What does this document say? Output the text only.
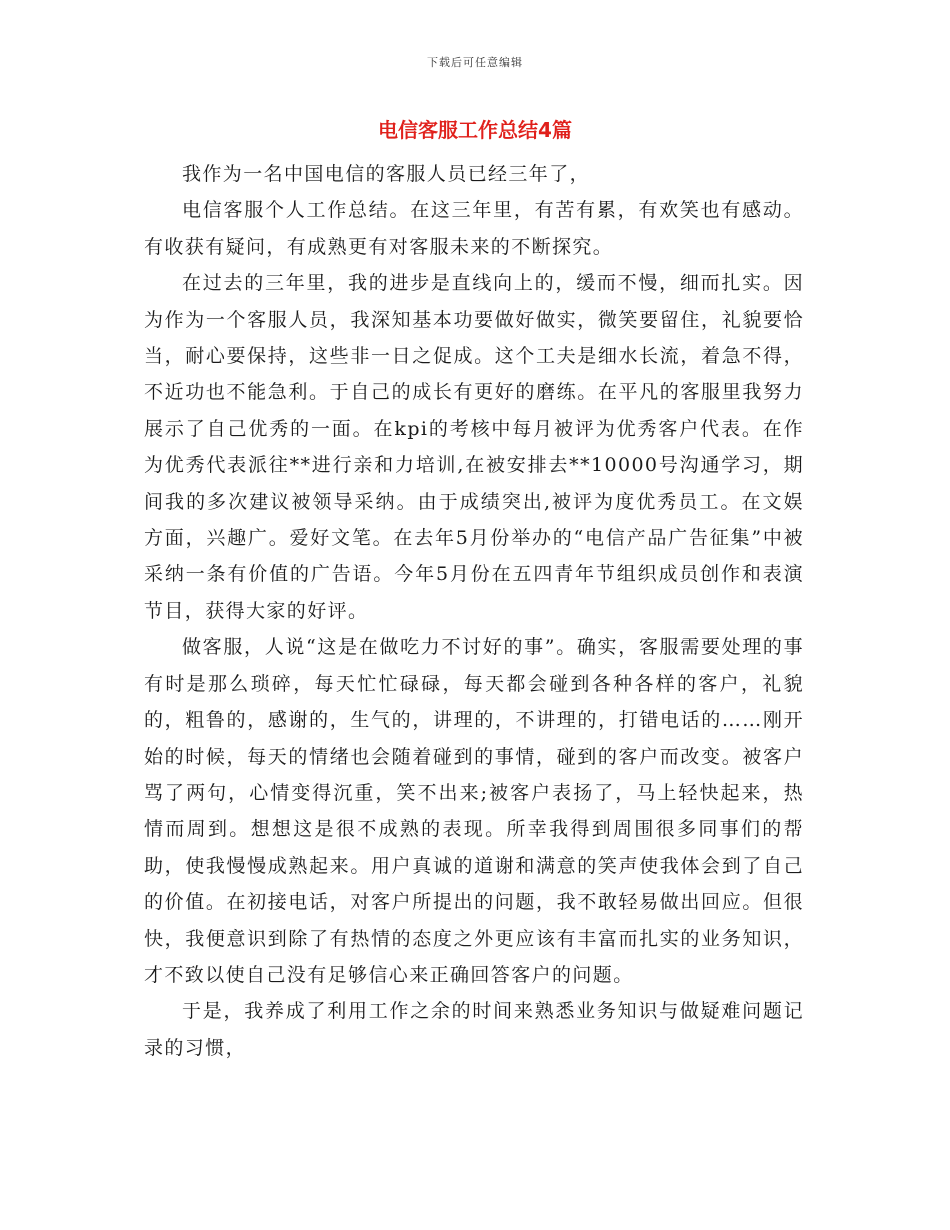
下载后可任意编辑
电信客服工作总结4篇

我作为一名中国电信的客服人员已经三年了，

电信客服个人工作总结。在这三年里，有苦有累，有欢笑也有感动。有收获有疑问，有成熟更有对客服未来的不断探究。

在过去的三年里，我的进步是直线向上的，缓而不慢，细而扎实。因为作为一个客服人员，我深知基本功要做好做实，微笑要留住，礼貌要恰当，耐心要保持，这些非一日之促成。这个工夫是细水长流，着急不得，不近功也不能急利。于自己的成长有更好的磨练。在平凡的客服里我努力展示了自己优秀的一面。在kpi的考核中每月被评为优秀客户代表。在作为优秀代表派往**进行亲和力培训,在被安排去**10000号沟通学习，期间我的多次建议被领导采纳。由于成绩突出,被评为度优秀员工。在文娱方面，兴趣广。爱好文笔。在去年5月份举办的“电信产品广告征集”中被采纳一条有价值的广告语。今年5月份在五四青年节组织成员创作和表演节目，获得大家的好评。

做客服，人说“这是在做吃力不讨好的事”。确实，客服需要处理的事有时是那么琐碎，每天忙忙碌碌，每天都会碰到各种各样的客户，礼貌的，粗鲁的，感谢的，生气的，讲理的，不讲理的，打错电话的……刚开始的时候，每天的情绪也会随着碰到的事情，碰到的客户而改变。被客户骂了两句，心情变得沉重，笑不出来;被客户表扬了，马上轻快起来，热情而周到。想想这是很不成熟的表现。所幸我得到周围很多同事们的帮助，使我慢慢成熟起来。用户真诚的道谢和满意的笑声使我体会到了自己的价值。在初接电话，对客户所提出的问题，我不敢轻易做出回应。但很快，我便意识到除了有热情的态度之外更应该有丰富而扎实的业务知识，才不致以使自己没有足够信心来正确回答客户的问题。

于是，我养成了利用工作之余的时间来熟悉业务知识与做疑难问题记录的习惯，
